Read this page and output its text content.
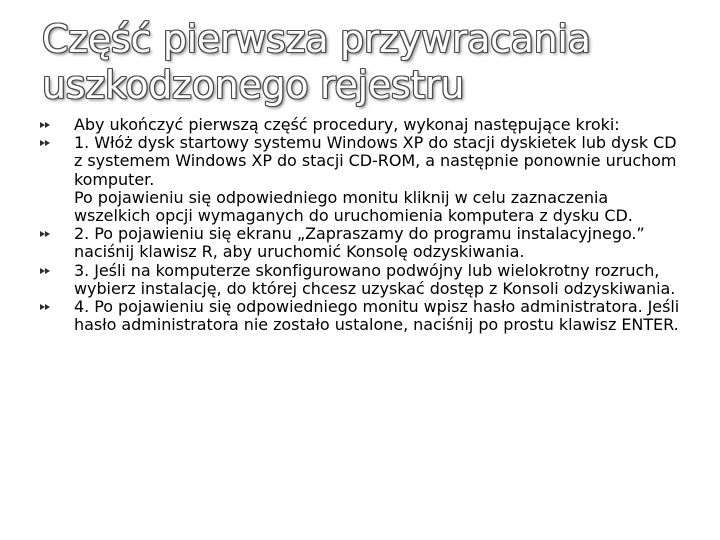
Część pierwsza przywracania
uszkodzonego rejestru

Aby ukończyć pierwszą część procedury, wykonaj następujące kroki:

1. Włóż dysk startowy systemu Windows XP do stacji dyskietek lub dysk CD z systemem Windows XP do stacji CD-ROM, a następnie ponownie uruchom komputer.

Po pojawieniu się odpowiedniego monitu kliknij w celu zaznaczenia wszelkich opcji wymaganych do uruchomienia komputera z dysku CD.

2. Po pojawieniu się ekranu „Zapraszamy do programu instalacyjnego.” naciśnij klawisz R, aby uruchomić Konsolę odzyskiwania.

3. Jeśli na komputerze skonfigurowano podwójny lub wielokrotny rozruch, wybierz instalację, do której chcesz uzyskać dostęp z Konsoli odzyskiwania.

4. Po pojawieniu się odpowiedniego monitu wpisz hasło administratora. Jeśli hasło administratora nie zostało ustalone, naciśnij po prostu klawisz ENTER.
